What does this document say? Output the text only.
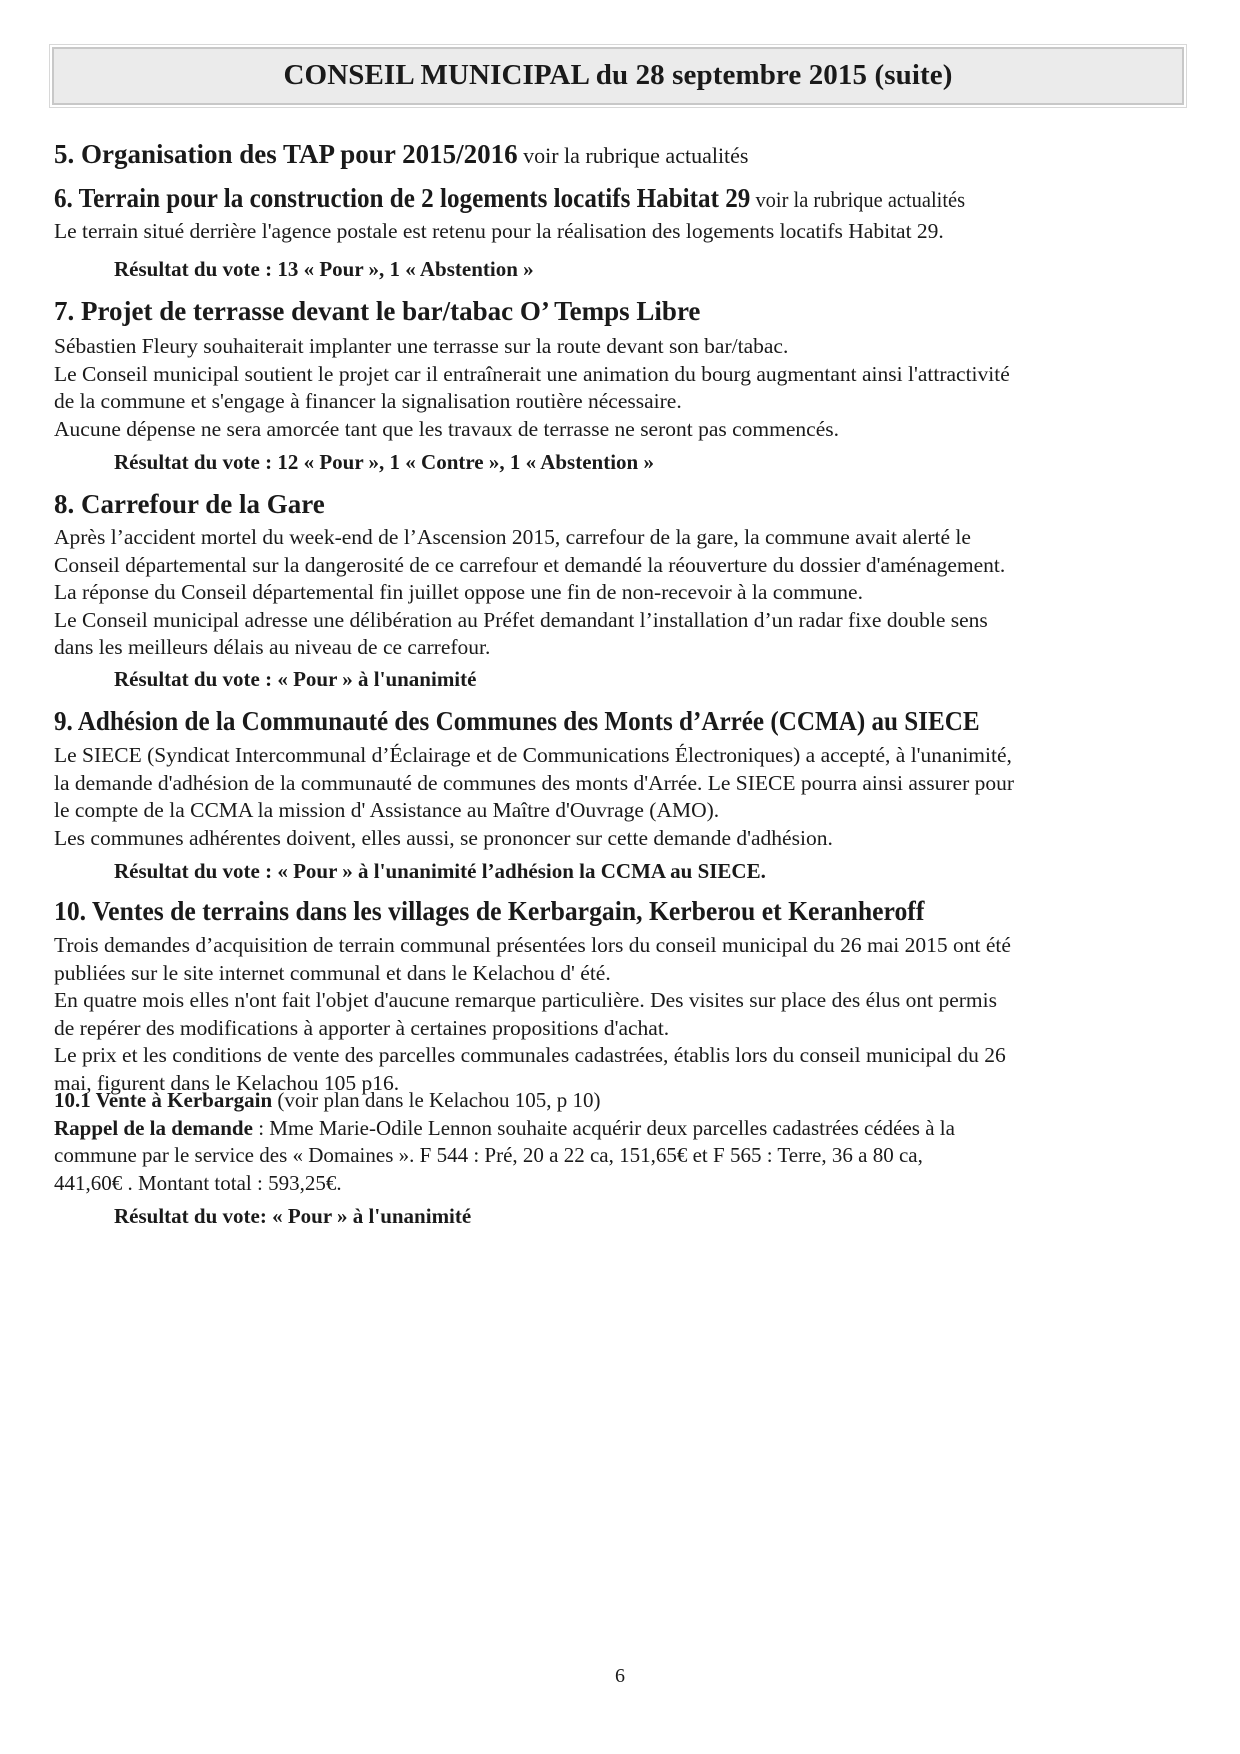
CONSEIL MUNICIPAL du 28 septembre 2015 (suite)
5. Organisation des TAP pour 2015/2016 voir la rubrique actualités
6. Terrain pour la construction de 2 logements locatifs Habitat 29 voir la rubrique actualités
Le terrain situé derrière l'agence postale est retenu pour la réalisation des logements locatifs Habitat 29.
Résultat du vote : 13 « Pour », 1 « Abstention »
7. Projet de terrasse devant le bar/tabac O’ Temps Libre
Sébastien Fleury souhaiterait implanter une terrasse sur la route devant son bar/tabac.
Le Conseil municipal soutient le projet car il entraînerait une animation du bourg augmentant ainsi l'attractivité
de la commune et s'engage à financer la signalisation routière nécessaire.
Aucune dépense ne sera amorcée tant que les travaux de terrasse ne seront pas commencés.
Résultat du vote : 12 « Pour », 1 « Contre », 1 « Abstention »
8. Carrefour de la Gare
Après l’accident mortel du week-end de l’Ascension 2015, carrefour de la gare, la commune avait alerté le
Conseil départemental sur la dangerosité de ce carrefour et demandé la réouverture du dossier d'aménagement.
La réponse du Conseil départemental fin juillet oppose une fin de non-recevoir à la commune.
Le Conseil municipal adresse une délibération au Préfet demandant l’installation d’un radar fixe double sens
dans les meilleurs délais au niveau de ce carrefour.
Résultat du vote : « Pour » à l'unanimité
9. Adhésion de la Communauté des Communes des Monts d’Arrée (CCMA) au SIECE
Le SIECE (Syndicat Intercommunal d’Éclairage et de Communications Électroniques) a accepté, à l'unanimité,
la demande d'adhésion de la communauté de communes des monts d'Arrée. Le SIECE pourra ainsi assurer pour
le compte de la CCMA la mission d' Assistance au Maître d'Ouvrage (AMO).
Les communes adhérentes doivent, elles aussi, se prononcer sur cette demande d'adhésion.
Résultat du vote : « Pour » à l'unanimité l’adhésion la CCMA au SIECE.
10. Ventes de terrains dans les villages de Kerbargain, Kerberou et Keranheroff
Trois demandes d’acquisition de terrain communal présentées lors du conseil municipal du 26 mai 2015 ont été
publiées sur le site internet communal et dans le Kelachou d' été.
En quatre mois elles n'ont fait l'objet d'aucune remarque particulière. Des visites sur place des élus ont permis
de repérer des modifications à apporter à certaines propositions d'achat.
Le prix et les conditions de vente des parcelles communales cadastrées, établis lors du conseil municipal du 26
mai, figurent dans le Kelachou 105 p16.
10.1 Vente à Kerbargain (voir plan dans le Kelachou 105, p 10)
Rappel de la demande : Mme Marie-Odile Lennon souhaite acquérir deux parcelles cadastrées cédées à la
commune par le service des « Domaines ». F 544 : Pré, 20 a 22 ca, 151,65€ et F 565 : Terre, 36 a 80 ca,
441,60€ . Montant total : 593,25€.
Résultat du vote: « Pour » à l'unanimité
6
